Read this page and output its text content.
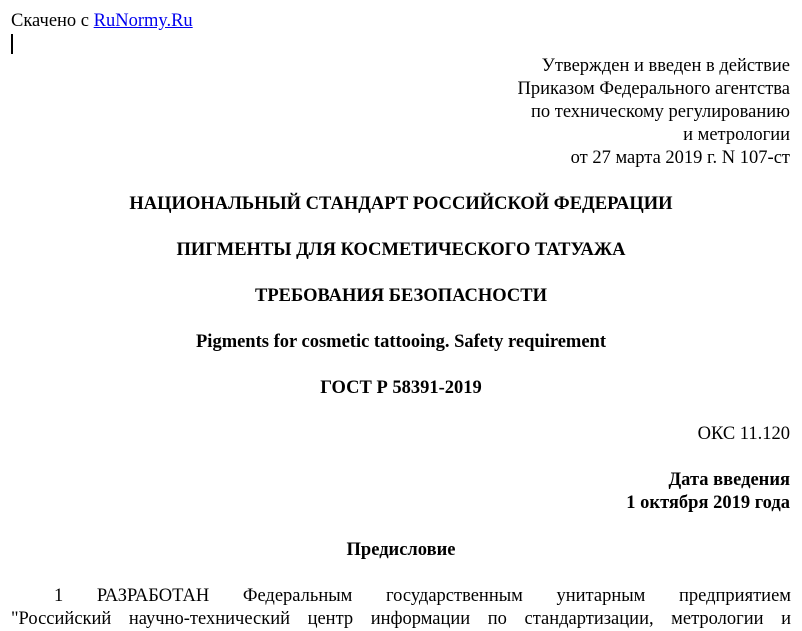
Скачено с RuNormy.Ru
Утвержден и введен в действие
Приказом Федерального агентства
по техническому регулированию
и метрологии
от 27 марта 2019 г. N 107-ст
НАЦИОНАЛЬНЫЙ СТАНДАРТ РОССИЙСКОЙ ФЕДЕРАЦИИ
ПИГМЕНТЫ ДЛЯ КОСМЕТИЧЕСКОГО ТАТУАЖА
ТРЕБОВАНИЯ БЕЗОПАСНОСТИ
Pigments for cosmetic tattooing. Safety requirement
ГОСТ Р 58391-2019
ОКС 11.120
Дата введения
1 октября 2019 года
Предисловие
1 РАЗРАБОТАН Федеральным государственным унитарным предприятием
"Российский научно-технический центр информации по стандартизации, метрологии и
